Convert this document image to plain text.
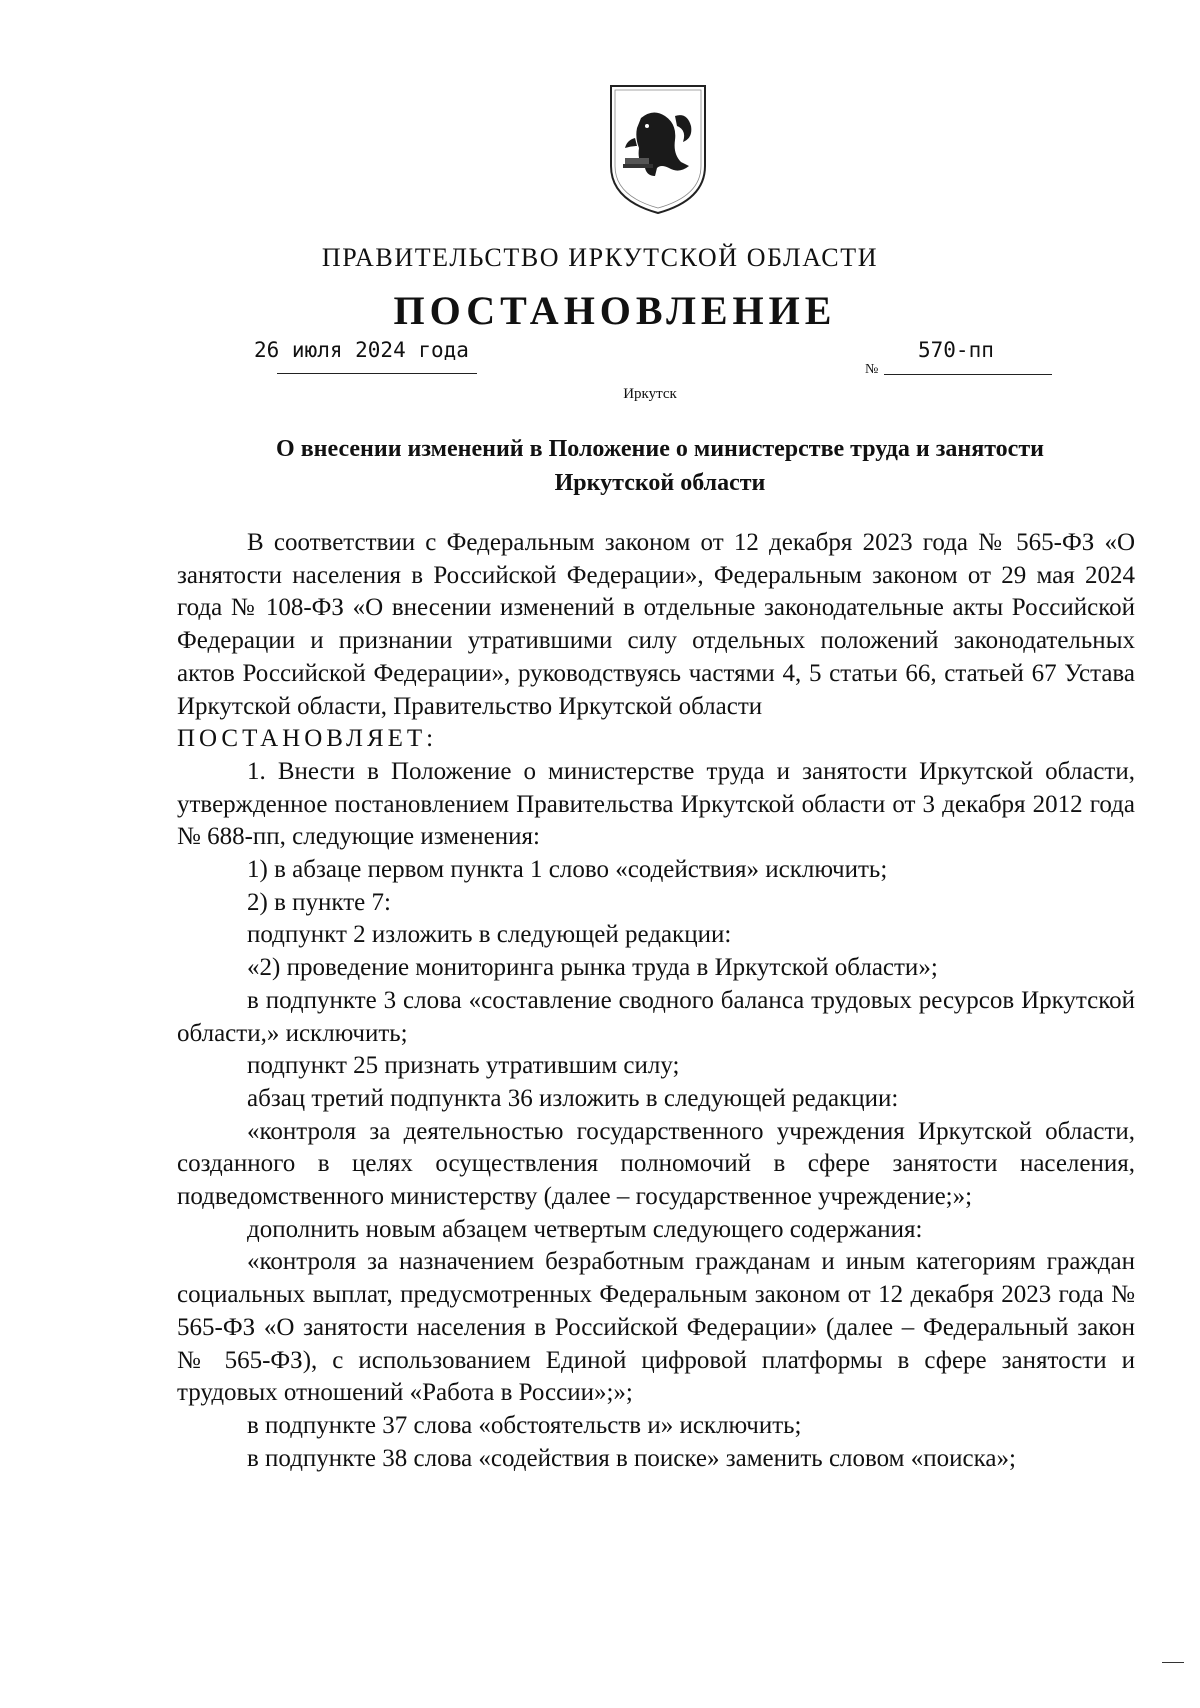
ПРАВИТЕЛЬСТВО ИРКУТСКОЙ ОБЛАСТИ
ПОСТАНОВЛЕНИЕ
26 июля 2024 года
№
570-пп
Иркутск
О внесении изменений в Положение о министерстве труда и занятости
Иркутской области

В соответствии с Федеральным законом от 12 декабря 2023 года № 565-ФЗ «О занятости населения в Российской Федерации», Федеральным законом от 29 мая 2024 года № 108-ФЗ «О внесении изменений в отдельные законодательные акты Российской Федерации и признании утратившими силу отдельных положений законодательных актов Российской Федерации», руководствуясь частями 4, 5 статьи 66, статьей 67 Устава Иркутской области, Правительство Иркутской области

ПОСТАНОВЛЯЕТ:

1. Внести в Положение о министерстве труда и занятости Иркутской области, утвержденное постановлением Правительства Иркутской области от 3 декабря 2012 года № 688-пп, следующие изменения:

1) в абзаце первом пункта 1 слово «содействия» исключить;

2) в пункте 7:

подпункт 2 изложить в следующей редакции:

«2) проведение мониторинга рынка труда в Иркутской области»;

в подпункте 3 слова «составление сводного баланса трудовых ресурсов Иркутской области,» исключить;

подпункт 25 признать утратившим силу;

абзац третий подпункта 36 изложить в следующей редакции:

«контроля за деятельностью государственного учреждения Иркутской области, созданного в целях осуществления полномочий в сфере занятости населения, подведомственного министерству (далее – государственное учреждение;»;

дополнить новым абзацем четвертым следующего содержания:

«контроля за назначением безработным гражданам и иным категориям граждан социальных выплат, предусмотренных Федеральным законом от 12 декабря 2023 года № 565-ФЗ «О занятости населения в Российской Федерации» (далее – Федеральный закон № 565-ФЗ), с использованием Единой цифровой платформы в сфере занятости и трудовых отношений «Работа в России»;»;

в подпункте 37 слова «обстоятельств и» исключить;

в подпункте 38 слова «содействия в поиске» заменить словом «поиска»;
